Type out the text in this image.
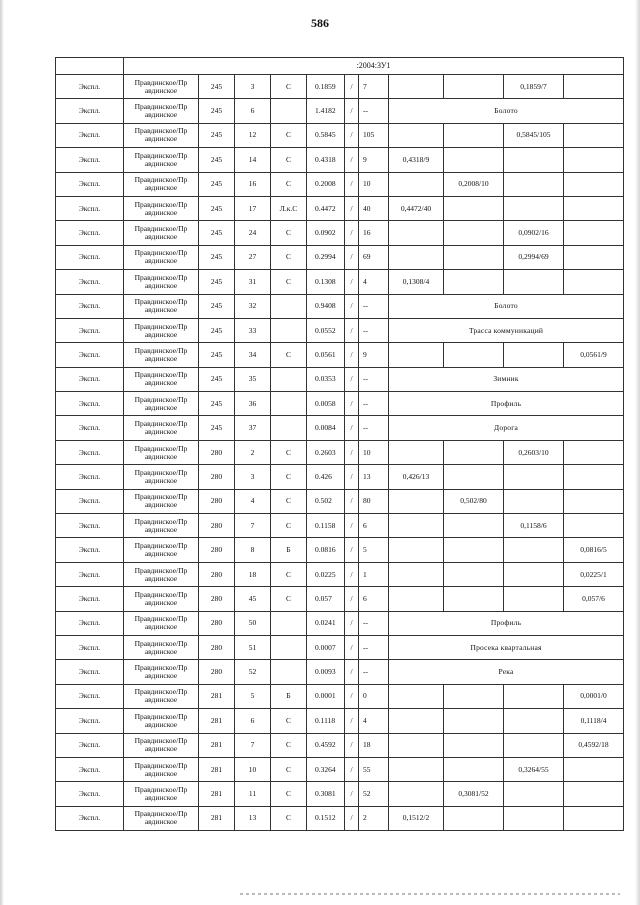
586
	:2004:ЗУ1										
Экспл.	Правдинское/Пр
авдинское	245	3	С	0.1859	/	7			0,1859/7	
Экспл.	Правдинское/Пр
авдинское	245	6		1.4182	/	--	Болото			
Экспл.	Правдинское/Пр
авдинское	245	12	С	0.5845	/	105			0,5845/105	
Экспл.	Правдинское/Пр
авдинское	245	14	С	0.4318	/	9	0,4318/9			
Экспл.	Правдинское/Пр
авдинское	245	16	С	0.2008	/	10		0,2008/10		
Экспл.	Правдинское/Пр
авдинское	245	17	Л.к.С	0.4472	/	40	0,4472/40			
Экспл.	Правдинское/Пр
авдинское	245	24	С	0.0902	/	16			0,0902/16	
Экспл.	Правдинское/Пр
авдинское	245	27	С	0.2994	/	69			0,2994/69	
Экспл.	Правдинское/Пр
авдинское	245	31	С	0.1308	/	4	0,1308/4			
Экспл.	Правдинское/Пр
авдинское	245	32		0.9408	/	--	Болото			
Экспл.	Правдинское/Пр
авдинское	245	33		0.0552	/	--	Трасса коммуникаций			
Экспл.	Правдинское/Пр
авдинское	245	34	С	0.0561	/	9				0,0561/9
Экспл.	Правдинское/Пр
авдинское	245	35		0.0353	/	--	Зимник			
Экспл.	Правдинское/Пр
авдинское	245	36		0.0058	/	--	Профиль			
Экспл.	Правдинское/Пр
авдинское	245	37		0.0084	/	--	Дорога			
Экспл.	Правдинское/Пр
авдинское	280	2	С	0.2603	/	10			0,2603/10	
Экспл.	Правдинское/Пр
авдинское	280	3	С	0.426	/	13	0,426/13			
Экспл.	Правдинское/Пр
авдинское	280	4	С	0.502	/	80		0,502/80		
Экспл.	Правдинское/Пр
авдинское	280	7	С	0.1158	/	6			0,1158/6	
Экспл.	Правдинское/Пр
авдинское	280	8	Б	0.0816	/	5				0,0816/5
Экспл.	Правдинское/Пр
авдинское	280	18	С	0.0225	/	1				0,0225/1
Экспл.	Правдинское/Пр
авдинское	280	45	С	0.057	/	6				0,057/6
Экспл.	Правдинское/Пр
авдинское	280	50		0.0241	/	--	Профиль			
Экспл.	Правдинское/Пр
авдинское	280	51		0.0007	/	--	Просека квартальная			
Экспл.	Правдинское/Пр
авдинское	280	52		0.0093	/	--	Река			
Экспл.	Правдинское/Пр
авдинское	281	5	Б	0.0001	/	0				0,0001/0
Экспл.	Правдинское/Пр
авдинское	281	6	С	0.1118	/	4				0,1118/4
Экспл.	Правдинское/Пр
авдинское	281	7	С	0.4592	/	18				0,4592/18
Экспл.	Правдинское/Пр
авдинское	281	10	С	0.3264	/	55			0,3264/55	
Экспл.	Правдинское/Пр
авдинское	281	11	С	0.3081	/	52		0,3081/52		
Экспл.	Правдинское/Пр
авдинское	281	13	С	0.1512	/	2	0,1512/2			
